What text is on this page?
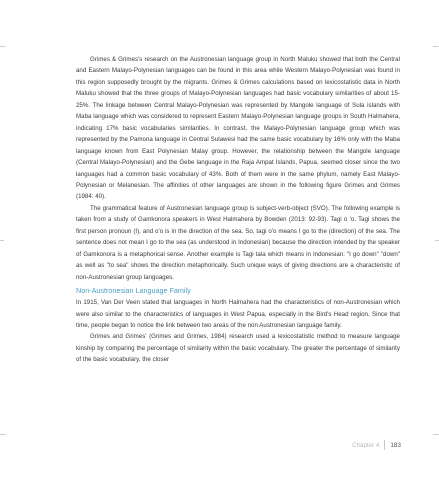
Grimes & Grimes's research on the Austronesian language group in North Maluku showed that both the Central and Eastern Malayo-Polynesian languages can be found in this area while Western Malayo-Polynesian was found in this region supposedly brought by the migrants. Grimes & Grimes calculations based on lexicostatistic data in North Maluku showed that the three groups of Malayo-Polynesian languages had basic vocabulary similarities of about 15-25%. The linkage between Central Malayo-Polynesian was represented by Mangole language of Sula islands with Maba language which was considered to represent Eastern Malayo-Polynesian language groups in South Halmahera, indicating 17% basic vocabularies similarities. In contrast, the Malayo-Polynesian language group which was represented by the Pamona language in Central Sulawesi had the same basic vocabulary by 16% only with the Maba language known from East Polynesian Malay group. However, the relationship between the Mangole language (Central Malayo-Polynesian) and the Gebe language in the Raja Ampat Islands, Papua, seemed closer since the two languages had a common basic vocabulary of 43%. Both of them were in the same phylum, namely East Malayo-Polynesian or Melanesian. The affinities of other languages are shown in the following figure Grimes and Grimes (1984: 40).

The grammatical feature of Austronesian language group is subject-verb-object (SVO). The following example is taken from a study of Gamkonora speakers in West Halmahera by Bowden (2013: 92-93). Tagi o 'o. Tagi shows the first person pronoun (I), and o'o is in the direction of the sea. So, tagi o'o means I go to the (direction) of the sea. The sentence does not mean I go to the sea (as understood in Indonesian) because the direction intended by the speaker of Gamkonora is a metaphorical sense. Another example is Tagi tala which means in Indonesian: "I go down" "down" as well as "to sea" shows the direction metaphorically. Such unique ways of giving directions are a characteristic of non-Austronesian group languages.

Non-Austronesian Language Family

In 1915, Van Der Veen stated that languages in North Halmahera had the characteristics of non-Austronesian which were also similar to the characteristics of languages in West Papua, especially in the Bird's Head region. Since that time, people began to notice the link between two areas of the non Austronesian language family.

Grimes and Grimes' (Grimes and Grimes, 1984) research used a lexicostatistic method to measure language kinship by comparing the percentage of similarity within the basic vocabulary. The greater the percentage of similarity of the basic vocabulary, the closer

Chapter 4 183
